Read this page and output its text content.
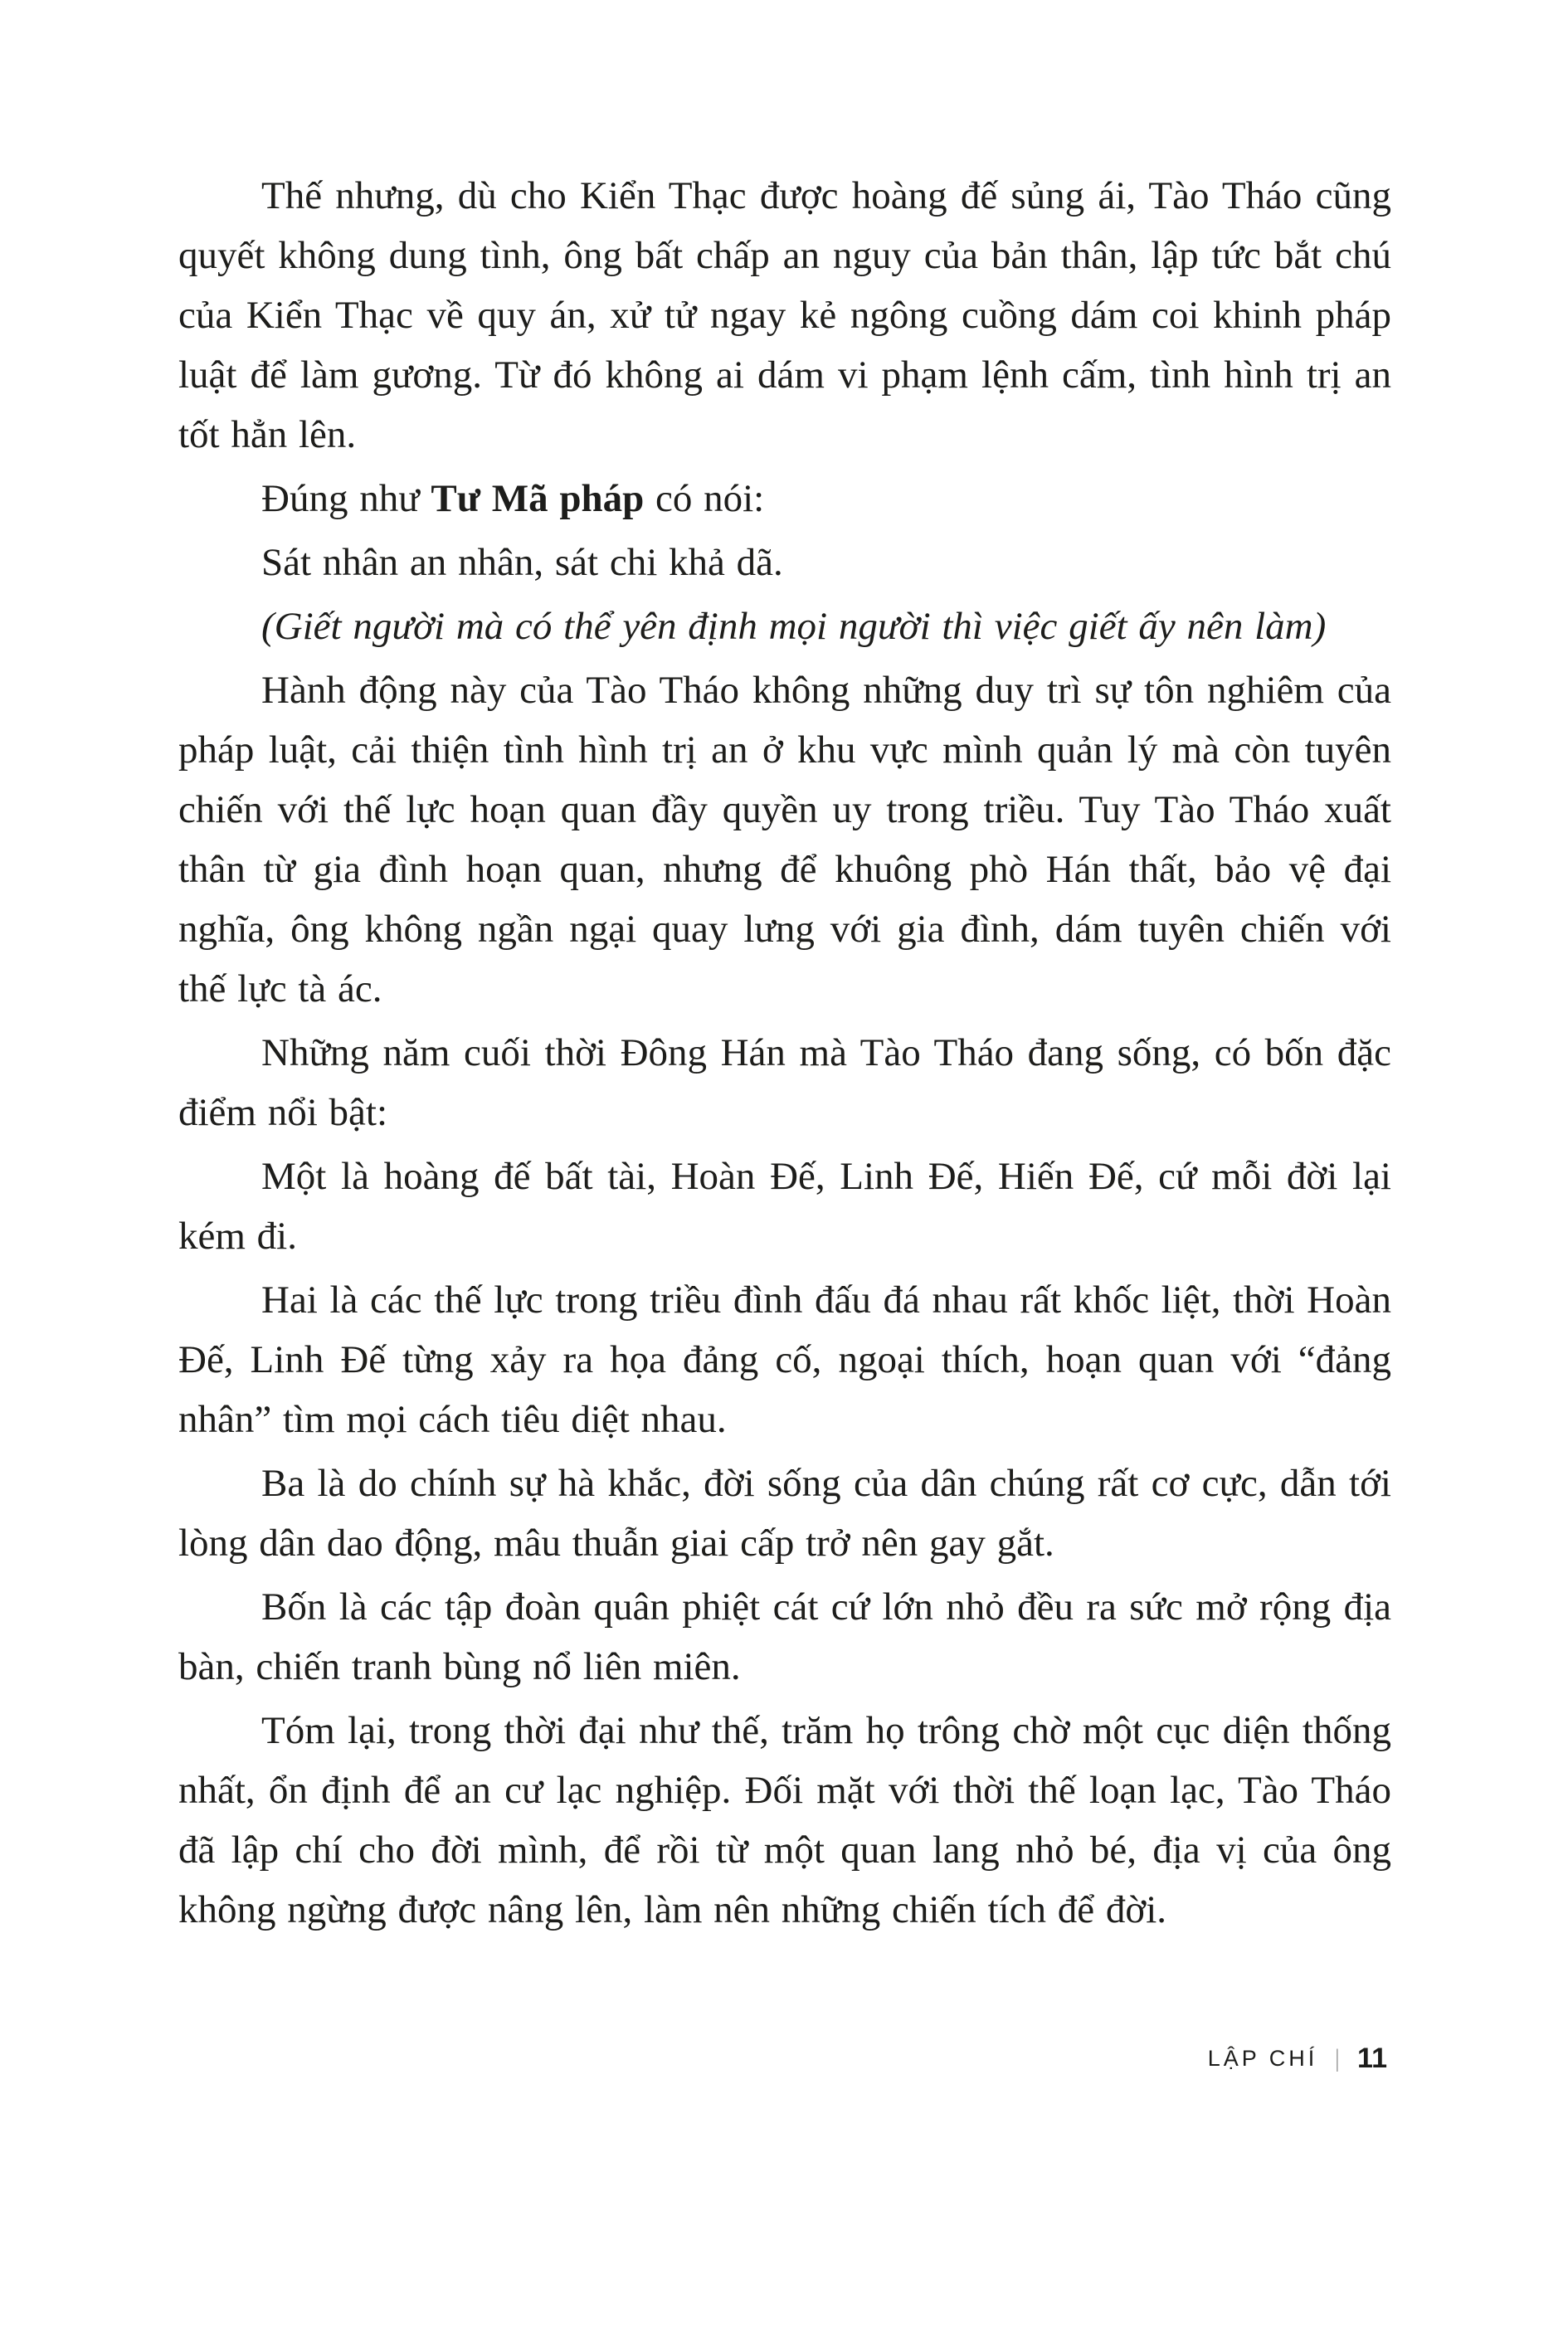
Thế nhưng, dù cho Kiển Thạc được hoàng đế sủng ái, Tào Tháo cũng quyết không dung tình, ông bất chấp an nguy của bản thân, lập tức bắt chú của Kiển Thạc về quy án, xử tử ngay kẻ ngông cuồng dám coi khinh pháp luật để làm gương. Từ đó không ai dám vi phạm lệnh cấm, tình hình trị an tốt hẳn lên.

Đúng như Tư Mã pháp có nói:

Sát nhân an nhân, sát chi khả dã.

(Giết người mà có thể yên định mọi người thì việc giết ấy nên làm)

Hành động này của Tào Tháo không những duy trì sự tôn nghiêm của pháp luật, cải thiện tình hình trị an ở khu vực mình quản lý mà còn tuyên chiến với thế lực hoạn quan đầy quyền uy trong triều. Tuy Tào Tháo xuất thân từ gia đình hoạn quan, nhưng để khuông phò Hán thất, bảo vệ đại nghĩa, ông không ngần ngại quay lưng với gia đình, dám tuyên chiến với thế lực tà ác.

Những năm cuối thời Đông Hán mà Tào Tháo đang sống, có bốn đặc điểm nổi bật:

Một là hoàng đế bất tài, Hoàn Đế, Linh Đế, Hiến Đế, cứ mỗi đời lại kém đi.

Hai là các thế lực trong triều đình đấu đá nhau rất khốc liệt, thời Hoàn Đế, Linh Đế từng xảy ra họa đảng cố, ngoại thích, hoạn quan với “đảng nhân” tìm mọi cách tiêu diệt nhau.

Ba là do chính sự hà khắc, đời sống của dân chúng rất cơ cực, dẫn tới lòng dân dao động, mâu thuẫn giai cấp trở nên gay gắt.

Bốn là các tập đoàn quân phiệt cát cứ lớn nhỏ đều ra sức mở rộng địa bàn, chiến tranh bùng nổ liên miên.

Tóm lại, trong thời đại như thế, trăm họ trông chờ một cục diện thống nhất, ổn định để an cư lạc nghiệp. Đối mặt với thời thế loạn lạc, Tào Tháo đã lập chí cho đời mình, để rồi từ một quan lang nhỏ bé, địa vị của ông không ngừng được nâng lên, làm nên những chiến tích để đời.

LẬP CHÍ | 11
